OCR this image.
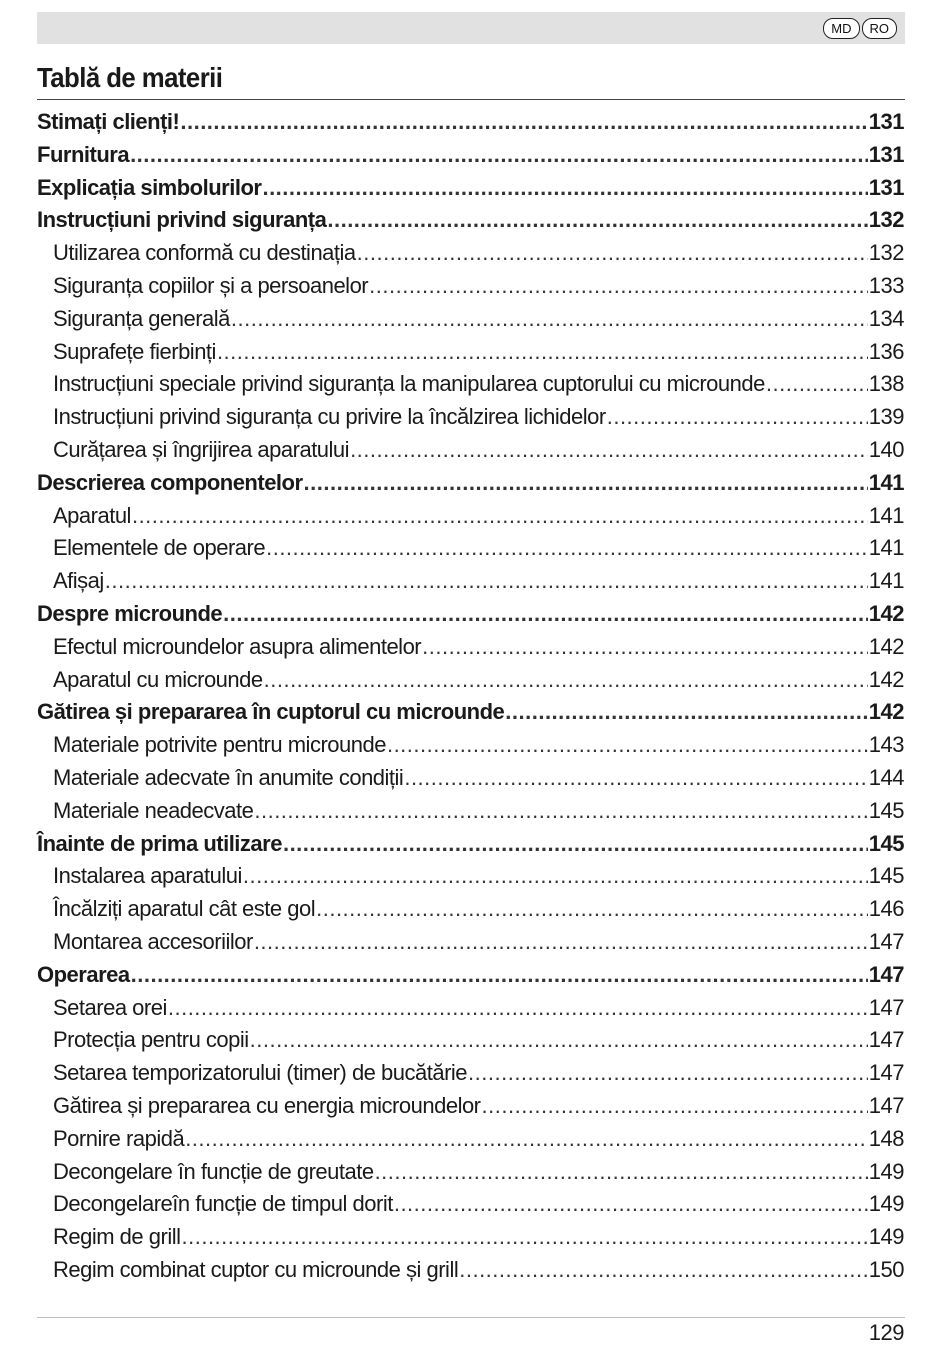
MD	RO
Tablă de materii
Stimați clienți! .....	131
Furnitura .....	131
Explicația simbolurilor .....	131
Instrucțiuni privind siguranța .....	132
Utilizarea conformă cu destinația .....	132
Siguranța copiilor și a persoanelor .....	133
Siguranța generală .....	134
Suprafețe fierbinți .....	136
Instrucțiuni speciale privind siguranța la manipularea cuptorului cu microunde .....	138
Instrucțiuni privind siguranța cu privire la încălzirea lichidelor .....	139
Curățarea și îngrijirea aparatului .....	140
Descrierea componentelor .....	141
Aparatul .....	141
Elementele de operare .....	141
Afișaj .....	141
Despre microunde .....	142
Efectul microundelor asupra alimentelor .....	142
Aparatul cu microunde .....	142
Gătirea și prepararea în cuptorul cu microunde .....	142
Materiale potrivite pentru microunde .....	143
Materiale adecvate în anumite condiții .....	144
Materiale neadecvate .....	145
Înainte de prima utilizare .....	145
Instalarea aparatului .....	145
Încălziți aparatul cât este gol .....	146
Montarea accesoriilor .....	147
Operarea .....	147
Setarea orei .....	147
Protecția pentru copii .....	147
Setarea temporizatorului (timer) de bucătărie .....	147
Gătirea și prepararea cu energia microundelor .....	147
Pornire rapidă .....	148
Decongelare în funcție de greutate .....	149
Decongelareîn funcție de timpul dorit .....	149
Regim de grill .....	149
Regim combinat cuptor cu microunde și grill .....	150
129
